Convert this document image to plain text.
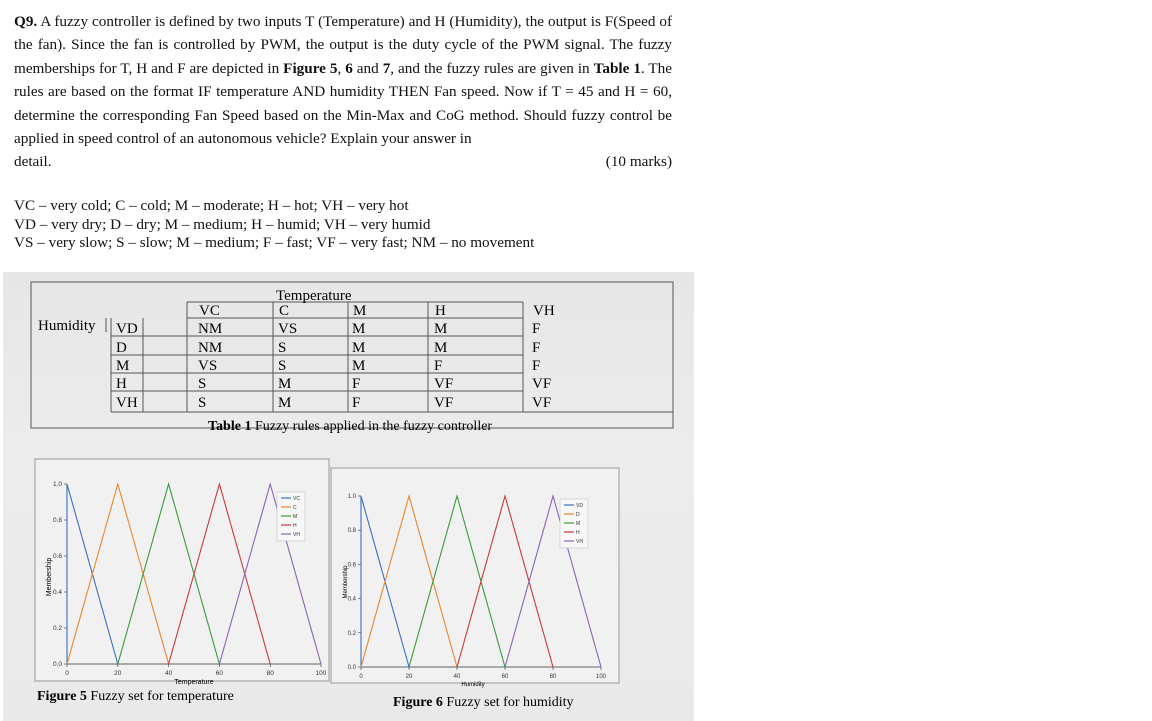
Q9. A fuzzy controller is defined by two inputs T (Temperature) and H (Humidity), the output is F(Speed of the fan). Since the fan is controlled by PWM, the output is the duty cycle of the PWM signal. The fuzzy memberships for T, H and F are depicted in Figure 5, 6 and 7, and the fuzzy rules are given in Table 1. The rules are based on the format IF temperature AND humidity THEN Fan speed. Now if T = 45 and H = 60, determine the corresponding Fan Speed based on the Min-Max and CoG method. Should fuzzy control be applied in speed control of an autonomous vehicle? Explain your answer in
detail.	(10 marks)
VC – very cold; C – cold; M – moderate; H – hot; VH – very hot
VD – very dry; D – dry; M – medium; H – humid; VH – very humid
VS – very slow; S – slow; M – medium; F – fast; VF – very fast; NM – no movement
Temperature
Humidity
VC	C	M	H	VH
VD	NM	VS	M	M	F
D	NM	S	M	M	F
M	VS	S	M	F	F
H	S	M	F	VF	VF
VH	S	M	F	VF	VF
Table 1 Fuzzy rules applied in the fuzzy controller
0	20	40	60	80	100
0.0
0.2
0.4
0.6
0.8
1.0
VC
C
M
H
VH
Temperature
Membership
Figure 5 Fuzzy set for temperature
0	20	40	60	80	100
0.0
0.2
0.4
0.6
0.8
1.0
VD
D
M
H
VH
Humidity
Membership
Figure 6 Fuzzy set for humidity
